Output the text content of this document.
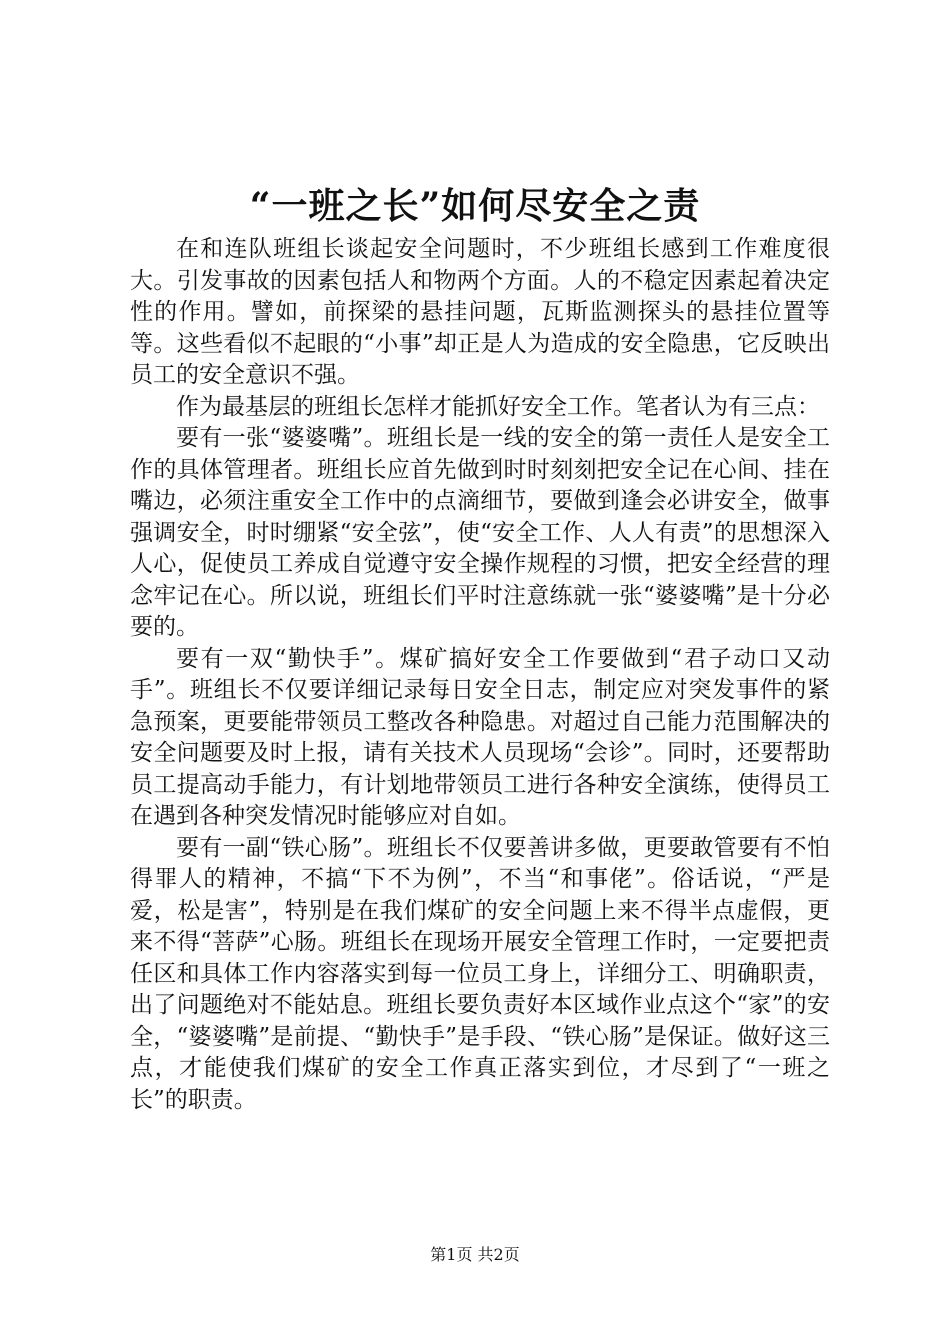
“一班之长”如何尽安全之责

在和连队班组长谈起安全问题时，不少班组长感到工作难度很大。引发事故的因素包括人和物两个方面。人的不稳定因素起着决定性的作用。譬如，前探梁的悬挂问题，瓦斯监测探头的悬挂位置等等。这些看似不起眼的“小事”却正是人为造成的安全隐患，它反映出员工的安全意识不强。

作为最基层的班组长怎样才能抓好安全工作。笔者认为有三点：

要有一张“婆婆嘴”。班组长是一线的安全的第一责任人是安全工作的具体管理者。班组长应首先做到时时刻刻把安全记在心间、挂在嘴边，必须注重安全工作中的点滴细节，要做到逢会必讲安全，做事强调安全，时时绷紧“安全弦”，使“安全工作、人人有责”的思想深入人心，促使员工养成自觉遵守安全操作规程的习惯，把安全经营的理念牢记在心。所以说，班组长们平时注意练就一张“婆婆嘴”是十分必要的。

要有一双“勤快手”。煤矿搞好安全工作要做到“君子动口又动手”。班组长不仅要详细记录每日安全日志，制定应对突发事件的紧急预案，更要能带领员工整改各种隐患。对超过自己能力范围解决的安全问题要及时上报，请有关技术人员现场“会诊”。同时，还要帮助员工提高动手能力，有计划地带领员工进行各种安全演练，使得员工在遇到各种突发情况时能够应对自如。

要有一副“铁心肠”。班组长不仅要善讲多做，更要敢管要有不怕得罪人的精神，不搞“下不为例”，不当“和事佬”。俗话说，“严是爱，松是害”，特别是在我们煤矿的安全问题上来不得半点虚假，更来不得“菩萨”心肠。班组长在现场开展安全管理工作时，一定要把责任区和具体工作内容落实到每一位员工身上，详细分工、明确职责，出了问题绝对不能姑息。班组长要负责好本区域作业点这个“家”的安全，“婆婆嘴”是前提、“勤快手”是手段、“铁心肠”是保证。做好这三点，才能使我们煤矿的安全工作真正落实到位，才尽到了“一班之长”的职责。

第1页 共2页
